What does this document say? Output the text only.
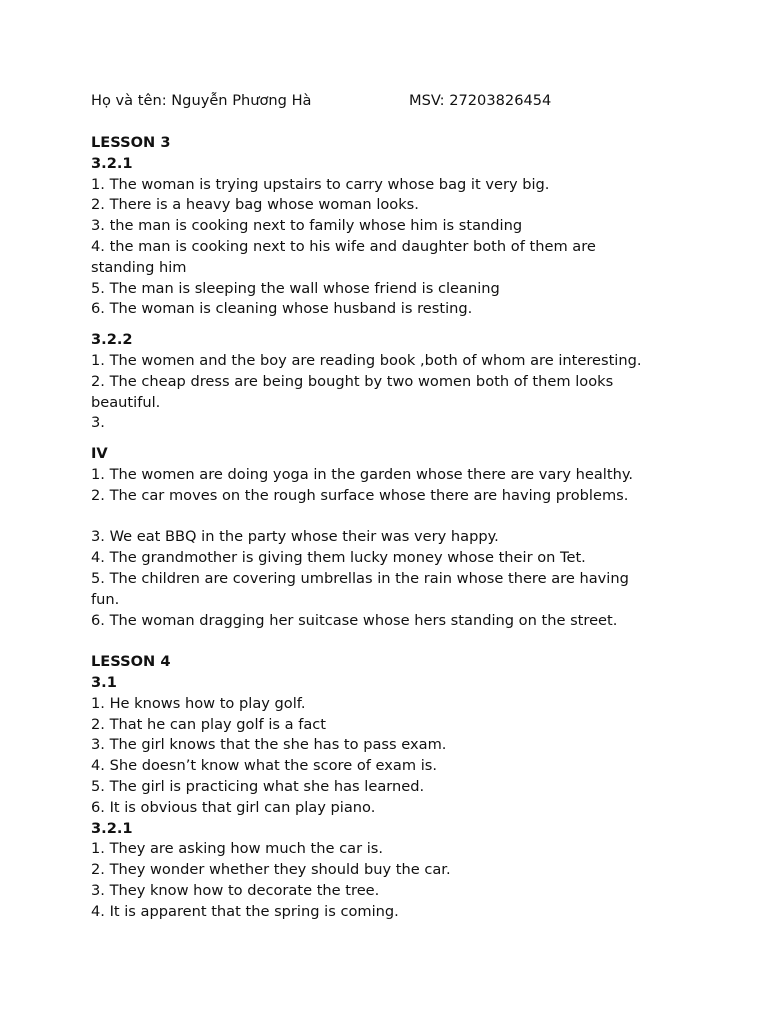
Họ và tên: Nguyễn Phương Hà	MSV: 27203826454
LESSON 3
3.2.1
1. The woman is trying upstairs to carry whose bag it very big.
2. There is a heavy bag whose woman looks.
3. the man is cooking next to family whose him is standing
4. the man is cooking next to his wife and daughter both of them are
standing him
5. The man is sleeping the wall whose friend is cleaning
6. The woman is cleaning whose husband is resting.
3.2.2
1. The women and the boy are reading book ,both of whom are interesting.
2. The cheap dress are being bought by two women both of them looks
beautiful.
3.
IV
1. The women are doing yoga in the garden whose there are vary healthy.
2. The car moves on the rough surface whose there are having problems.
3. We eat BBQ in the party whose their was very happy.
4. The grandmother is giving them lucky money whose their on Tet.
5. The children are covering umbrellas in the rain whose there are having
fun.
6. The woman dragging her suitcase whose hers standing on the street.
LESSON 4
3.1
1. He knows how to play golf.
2. That he can play golf is a fact
3. The girl knows that the she has to pass exam.
4. She doesn’t know what the score of exam is.
5. The girl is practicing what she has learned.
6. It is obvious that girl can play piano.
3.2.1
1. They are asking how much the car is.
2. They wonder whether they should buy the car.
3. They know how to decorate the tree.
4. It is apparent that the spring is coming.
